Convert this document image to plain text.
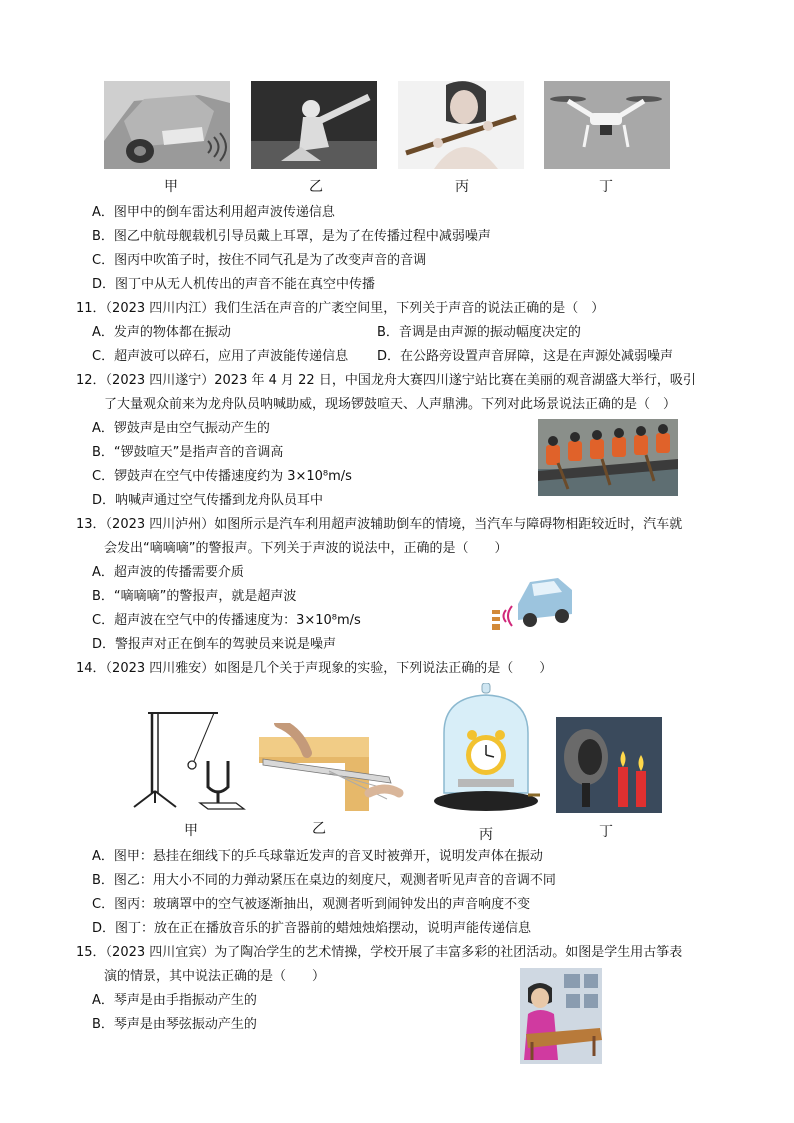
甲	乙	丙	丁
A．图甲中的倒车雷达利用超声波传递信息
B．图乙中航母舰载机引导员戴上耳罩，是为了在传播过程中减弱噪声
C．图丙中吹笛子时，按住不同气孔是为了改变声音的音调
D．图丁中从无人机传出的声音不能在真空中传播
11．（2023 四川内江）我们生活在声音的广袤空间里，下列关于声音的说法正确的是（　）
A．发声的物体都在振动	B．音调是由声源的振动幅度决定的
C．超声波可以碎石，应用了声波能传递信息 D．在公路旁设置声音屏障，这是在声源处减弱噪声
12．（2023 四川遂宁）2023 年 4 月 22 日，中国龙舟大赛四川遂宁站比赛在美丽的观音湖盛大举行，吸引
了大量观众前来为龙舟队员呐喊助威，现场锣鼓喧天、人声鼎沸。下列对此场景说法正确的是（　）
A．锣鼓声是由空气振动产生的
B．“锣鼓喧天”是指声音的音调高
C．锣鼓声在空气中传播速度约为 3×10⁸m/s
D．呐喊声通过空气传播到龙舟队员耳中
13．（2023 四川泸州）如图所示是汽车利用超声波辅助倒车的情境，当汽车与障碍物相距较近时，汽车就
会发出“嘀嘀嘀”的警报声。下列关于声波的说法中，正确的是（　　）
A．超声波的传播需要介质
B．“嘀嘀嘀”的警报声，就是超声波
C．超声波在空气中的传播速度为：3×10⁸m/s
D．警报声对正在倒车的驾驶员来说是噪声
14．（2023 四川雅安）如图是几个关于声现象的实验，下列说法正确的是（　　）
甲	乙	丙	丁
A．图甲：悬挂在细线下的乒乓球靠近发声的音叉时被弹开，说明发声体在振动
B．图乙：用大小不同的力弹动紧压在桌边的刻度尺，观测者听见声音的音调不同
C．图丙：玻璃罩中的空气被逐渐抽出，观测者听到闹钟发出的声音响度不变
D．图丁：放在正在播放音乐的扩音器前的蜡烛烛焰摆动，说明声能传递信息
15．（2023 四川宜宾）为了陶冶学生的艺术情操，学校开展了丰富多彩的社团活动。如图是学生用古筝表
演的情景，其中说法正确的是（　　）
A．琴声是由手指振动产生的
B．琴声是由琴弦振动产生的
